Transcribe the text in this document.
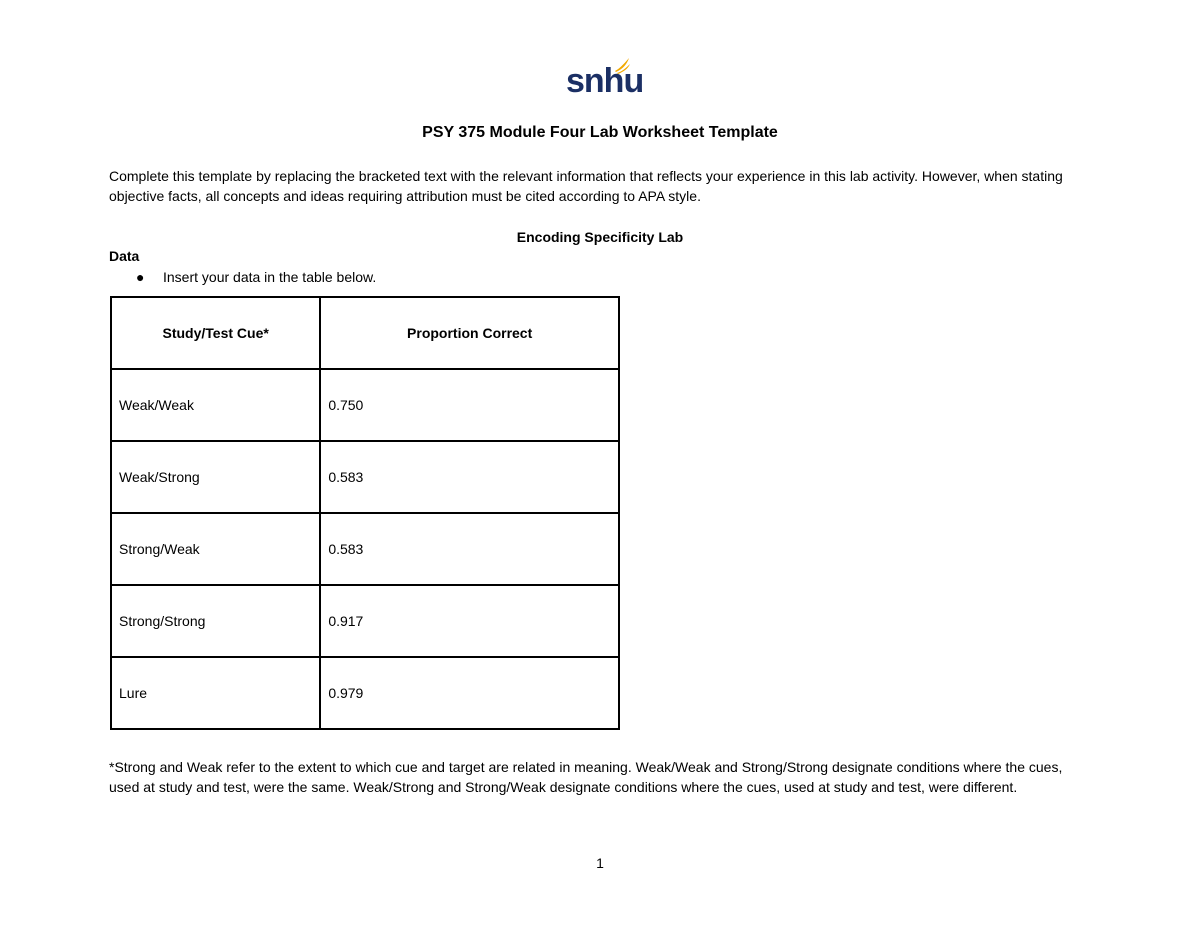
snhu
PSY 375 Module Four Lab Worksheet Template
Complete this template by replacing the bracketed text with the relevant information that reflects your experience in this lab activity. However, when stating objective facts, all concepts and ideas requiring attribution must be cited according to APA style.
Encoding Specificity Lab
Data
● Insert your data in the table below.
Study/Test Cue*	Proportion Correct
Weak/Weak	0.750
Weak/Strong	0.583
Strong/Weak	0.583
Strong/Strong	0.917
Lure	0.979
*Strong and Weak refer to the extent to which cue and target are related in meaning. Weak/Weak and Strong/Strong designate conditions where the cues, used at study and test, were the same. Weak/Strong and Strong/Weak designate conditions where the cues, used at study and test, were different.
1
